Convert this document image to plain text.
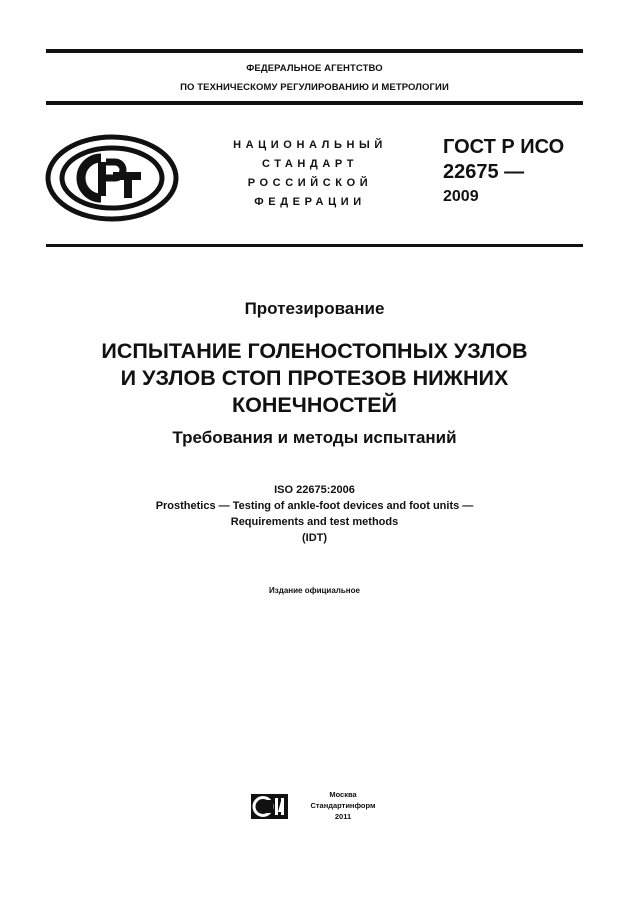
ФЕДЕРАЛЬНОЕ АГЕНТСТВО
ПО ТЕХНИЧЕСКОМУ РЕГУЛИРОВАНИЮ И МЕТРОЛОГИИ
РСТ
НАЦИОНАЛЬНЫЙ
СТАНДАРТ
РОССИЙСКОЙ
ФЕДЕРАЦИИ
ГОСТ Р ИСО
22675 —
2009
Протезирование
ИСПЫТАНИЕ ГОЛЕНОСТОПНЫХ УЗЛОВ
И УЗЛОВ СТОП ПРОТЕЗОВ НИЖНИХ
КОНЕЧНОСТЕЙ
Требования и методы испытаний
ISO 22675:2006
Prosthetics — Testing of ankle-foot devices and foot units —
Requirements and test methods
(IDT)
Издание официальное
Москва
Стандартинформ
2011
